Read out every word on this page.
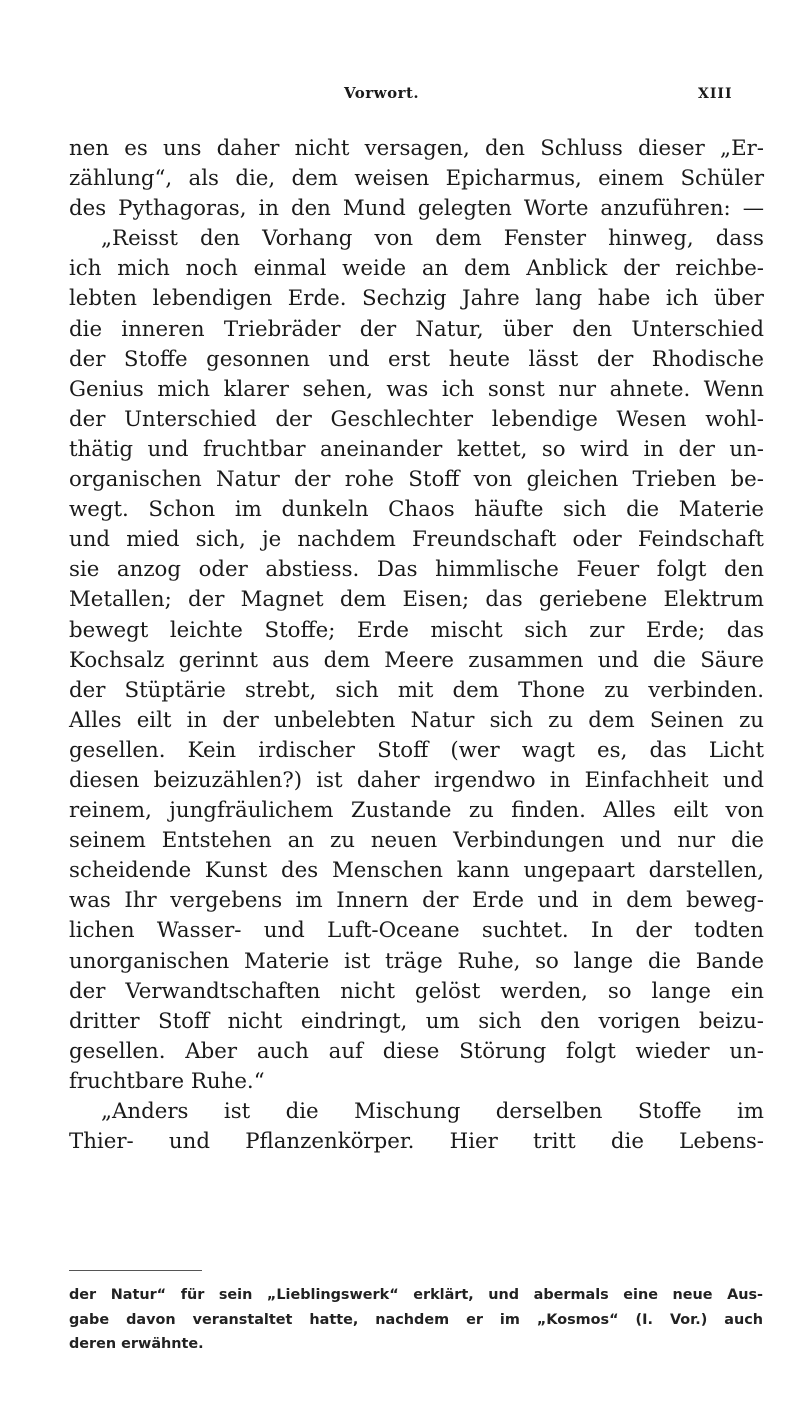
Vorwort.	XIII
nen es uns daher nicht versagen, den Schluss dieser „Er-
zählung“, als die, dem weisen Epicharmus, einem Schüler
des Pythagoras, in den Mund gelegten Worte anzuführen: —
„Reisst den Vorhang von dem Fenster hinweg, dass
ich mich noch einmal weide an dem Anblick der reichbe-
lebten lebendigen Erde. Sechzig Jahre lang habe ich über
die inneren Triebräder der Natur, über den Unterschied
der Stoffe gesonnen und erst heute lässt der Rhodische
Genius mich klarer sehen, was ich sonst nur ahnete. Wenn
der Unterschied der Geschlechter lebendige Wesen wohl-
thätig und fruchtbar aneinander kettet, so wird in der un-
organischen Natur der rohe Stoff von gleichen Trieben be-
wegt. Schon im dunkeln Chaos häufte sich die Materie
und mied sich, je nachdem Freundschaft oder Feindschaft
sie anzog oder abstiess. Das himmlische Feuer folgt den
Metallen; der Magnet dem Eisen; das geriebene Elektrum
bewegt leichte Stoffe; Erde mischt sich zur Erde; das
Kochsalz gerinnt aus dem Meere zusammen und die Säure
der Stüptärie strebt, sich mit dem Thone zu verbinden.
Alles eilt in der unbelebten Natur sich zu dem Seinen zu
gesellen. Kein irdischer Stoff (wer wagt es, das Licht
diesen beizuzählen?) ist daher irgendwo in Einfachheit und
reinem, jungfräulichem Zustande zu finden. Alles eilt von
seinem Entstehen an zu neuen Verbindungen und nur die
scheidende Kunst des Menschen kann ungepaart darstellen,
was Ihr vergebens im Innern der Erde und in dem beweg-
lichen Wasser- und Luft-Oceane suchtet. In der todten
unorganischen Materie ist träge Ruhe, so lange die Bande
der Verwandtschaften nicht gelöst werden, so lange ein
dritter Stoff nicht eindringt, um sich den vorigen beizu-
gesellen. Aber auch auf diese Störung folgt wieder un-
fruchtbare Ruhe.“
„Anders ist die Mischung derselben Stoffe im
Thier- und Pflanzenkörper. Hier tritt die Lebens-
der Natur“ für sein „Lieblingswerk“ erklärt, und abermals eine neue Aus-
gabe davon veranstaltet hatte, nachdem er im „Kosmos“ (I. Vor.) auch
deren erwähnte.
